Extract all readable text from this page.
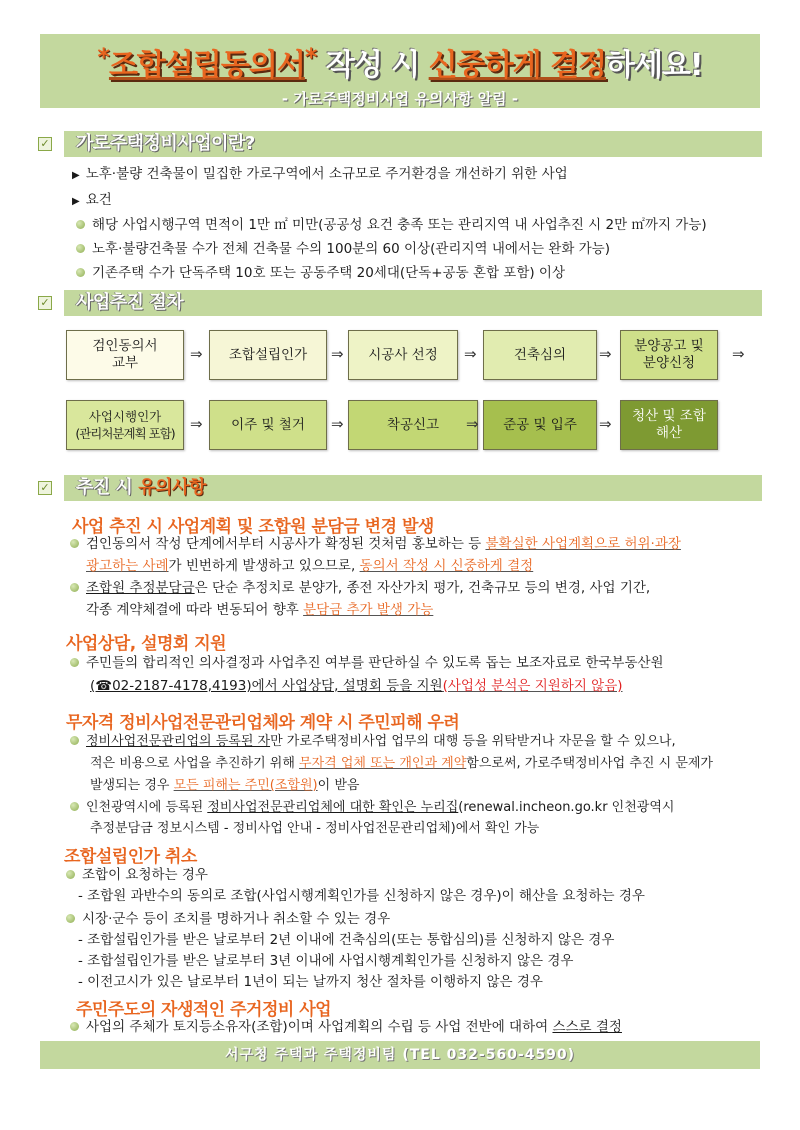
*조합설립동의서* 작성 시 신중하게 결정하세요!
- 가로주택정비사업 유의사항 알림 -
✓	가로주택정비사업이란?
▶ 노후·불량 건축물이 밀집한 가로구역에서 소규모로 주거환경을 개선하기 위한 사업
▶ 요건
해당 사업시행구역 면적이 1만 ㎡ 미만(공공성 요건 충족 또는 관리지역 내 사업추진 시 2만 ㎡까지 가능)
노후·불량건축물 수가 전체 건축물 수의 100분의 60 이상(관리지역 내에서는 완화 가능)
기존주택 수가 단독주택 10호 또는 공동주택 20세대(단독+공동 혼합 포함) 이상
✓	사업추진 절차
검인동의서
교부	⇒ 조합설립인가 ⇒ 시공사 선정 ⇒	건축심의 ⇒ 분양공고 및
분양신청	⇒
사업시행인가
(관리처분계획 포함)
⇒ 이주 및 철거 ⇒	착공신고 ⇒ 준공 및 입주 ⇒ 청산 및 조합
해산
✓	추진 시 유의사항
사업 추진 시 사업계획 및 조합원 분담금 변경 발생
검인동의서 작성 단계에서부터 시공사가 확정된 것처럼 홍보하는 등 불확실한 사업계획으로 허위·과장
광고하는 사례가 빈번하게 발생하고 있으므로, 동의서 작성 시 신중하게 결정
조합원 추정분담금은 단순 추정치로 분양가, 종전 자산가치 평가, 건축규모 등의 변경, 사업 기간,
각종 계약체결에 따라 변동되어 향후 분담금 추가 발생 가능
사업상담, 설명회 지원
주민들의 합리적인 의사결정과 사업추진 여부를 판단하실 수 있도록 돕는 보조자료로 한국부동산원
(☎02-2187-4178,4193)에서 사업상담, 설명회 등을 지원(사업성 분석은 지원하지 않음)
무자격 정비사업전문관리업체와 계약 시 주민피해 우려
정비사업전문관리업의 등록된 자만 가로주택정비사업 업무의 대행 등을 위탁받거나 자문을 할 수 있으나,
적은 비용으로 사업을 추진하기 위해 무자격 업체 또는 개인과 계약함으로써, 가로주택정비사업 추진 시 문제가
발생되는 경우 모든 피해는 주민(조합원)이 받음
인천광역시에 등록된 정비사업전문관리업체에 대한 확인은 누리집(renewal.incheon.go.kr 인천광역시
추정분담금 정보시스템 - 정비사업 안내 - 정비사업전문관리업체)에서 확인 가능
조합설립인가 취소
조합이 요청하는 경우
- 조합원 과반수의 동의로 조합(사업시행계획인가를 신청하지 않은 경우)이 해산을 요청하는 경우
시장·군수 등이 조치를 명하거나 취소할 수 있는 경우
- 조합설립인가를 받은 날로부터 2년 이내에 건축심의(또는 통합심의)를 신청하지 않은 경우
- 조합설립인가를 받은 날로부터 3년 이내에 사업시행계획인가를 신청하지 않은 경우
- 이전고시가 있은 날로부터 1년이 되는 날까지 청산 절차를 이행하지 않은 경우
주민주도의 자생적인 주거정비 사업
사업의 주체가 토지등소유자(조합)이며 사업계획의 수립 등 사업 전반에 대하여 스스로 결정
서구청 주택과 주택정비팀 (TEL 032-560-4590)
